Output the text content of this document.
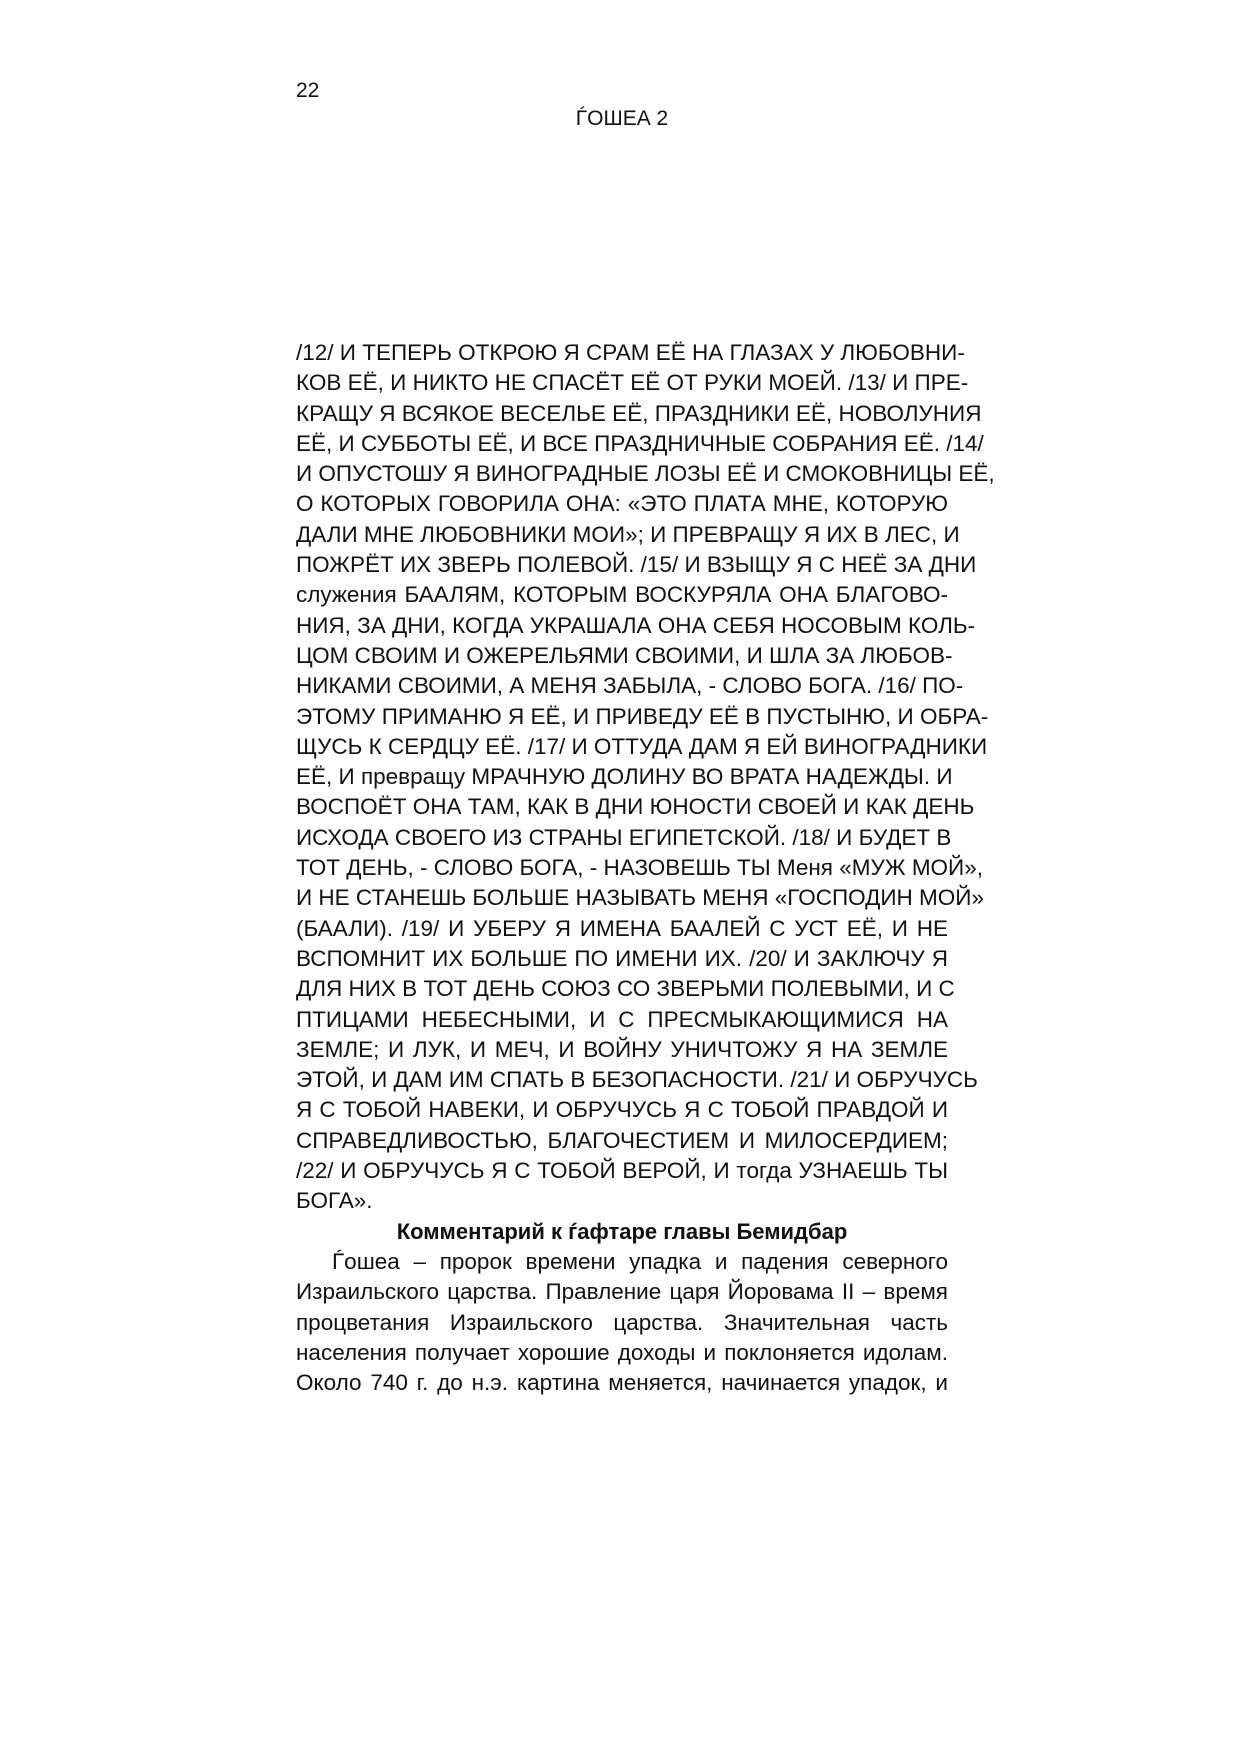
22
ЃОШЕА 2
/12/ И ТЕПЕРЬ ОТКРОЮ Я СРАМ ЕЁ НА ГЛАЗАХ У ЛЮБОВНИ-
КОВ ЕЁ, И НИКТО НЕ СПАСЁТ ЕЁ ОТ РУКИ МОЕЙ. /13/ И ПРЕ-
КРАЩУ Я ВСЯКОЕ ВЕСЕЛЬЕ ЕЁ, ПРАЗДНИКИ ЕЁ, НОВОЛУНИЯ
ЕЁ, И СУББОТЫ ЕЁ, И ВСЕ ПРАЗДНИЧНЫЕ СОБРАНИЯ ЕЁ. /14/
И ОПУСТОШУ Я ВИНОГРАДНЫЕ ЛОЗЫ ЕЁ И СМОКОВНИЦЫ ЕЁ,
О КОТОРЫХ ГОВОРИЛА ОНА: «ЭТО ПЛАТА МНЕ, КОТОРУЮ
ДАЛИ МНЕ ЛЮБОВНИКИ МОИ»; И ПРЕВРАЩУ Я ИХ В ЛЕС, И
ПОЖРЁТ ИХ ЗВЕРЬ ПОЛЕВОЙ. /15/ И ВЗЫЩУ Я С НЕЁ ЗА ДНИ
служения БААЛЯМ, КОТОРЫМ ВОСКУРЯЛА ОНА БЛАГОВО-
НИЯ, ЗА ДНИ, КОГДА УКРАШАЛА ОНА СЕБЯ НОСОВЫМ КОЛЬ-
ЦОМ СВОИМ И ОЖЕРЕЛЬЯМИ СВОИМИ, И ШЛА ЗА ЛЮБОВ-
НИКАМИ СВОИМИ, А МЕНЯ ЗАБЫЛА, - СЛОВО БОГА. /16/ ПО-
ЭТОМУ ПРИМАНЮ Я ЕЁ, И ПРИВЕДУ ЕЁ В ПУСТЫНЮ, И ОБРА-
ЩУСЬ К СЕРДЦУ ЕЁ. /17/ И ОТТУДА ДАМ Я ЕЙ ВИНОГРАДНИКИ
ЕЁ, И превращу МРАЧНУЮ ДОЛИНУ ВО ВРАТА НАДЕЖДЫ. И
ВОСПОЁТ ОНА ТАМ, КАК В ДНИ ЮНОСТИ СВОЕЙ И КАК ДЕНЬ
ИСХОДА СВОЕГО ИЗ СТРАНЫ ЕГИПЕТСКОЙ. /18/ И БУДЕТ В
ТОТ ДЕНЬ, - СЛОВО БОГА, - НАЗОВЕШЬ ТЫ Меня «МУЖ МОЙ»,
И НЕ СТАНЕШЬ БОЛЬШЕ НАЗЫВАТЬ МЕНЯ «ГОСПОДИН МОЙ»
(БААЛИ). /19/ И УБЕРУ Я ИМЕНА БААЛЕЙ С УСТ ЕЁ, И НЕ
ВСПОМНИТ ИХ БОЛЬШЕ ПО ИМЕНИ ИХ. /20/ И ЗАКЛЮЧУ Я
ДЛЯ НИХ В ТОТ ДЕНЬ СОЮЗ СО ЗВЕРЬМИ ПОЛЕВЫМИ, И С
ПТИЦАМИ НЕБЕСНЫМИ, И С ПРЕСМЫКАЮЩИМИСЯ НА
ЗЕМЛЕ; И ЛУК, И МЕЧ, И ВОЙНУ УНИЧТОЖУ Я НА ЗЕМЛЕ
ЭТОЙ, И ДАМ ИМ СПАТЬ В БЕЗОПАСНОСТИ. /21/ И ОБРУЧУСЬ
Я С ТОБОЙ НАВЕКИ, И ОБРУЧУСЬ Я С ТОБОЙ ПРАВДОЙ И
СПРАВЕДЛИВОСТЬЮ, БЛАГОЧЕСТИЕМ И МИЛОСЕРДИЕМ;
/22/ И ОБРУЧУСЬ Я С ТОБОЙ ВЕРОЙ, И тогда УЗНАЕШЬ ТЫ
БОГА».
Комментарий к ѓафтаре главы Бемидбар
Ѓошеа – пророк времени упадка и падения северного
Израильского царства. Правление царя Йоровама II – время
процветания Израильского царства. Значительная часть
населения получает хорошие доходы и поклоняется идолам.
Около 740 г. до н.э. картина меняется, начинается упадок, и
